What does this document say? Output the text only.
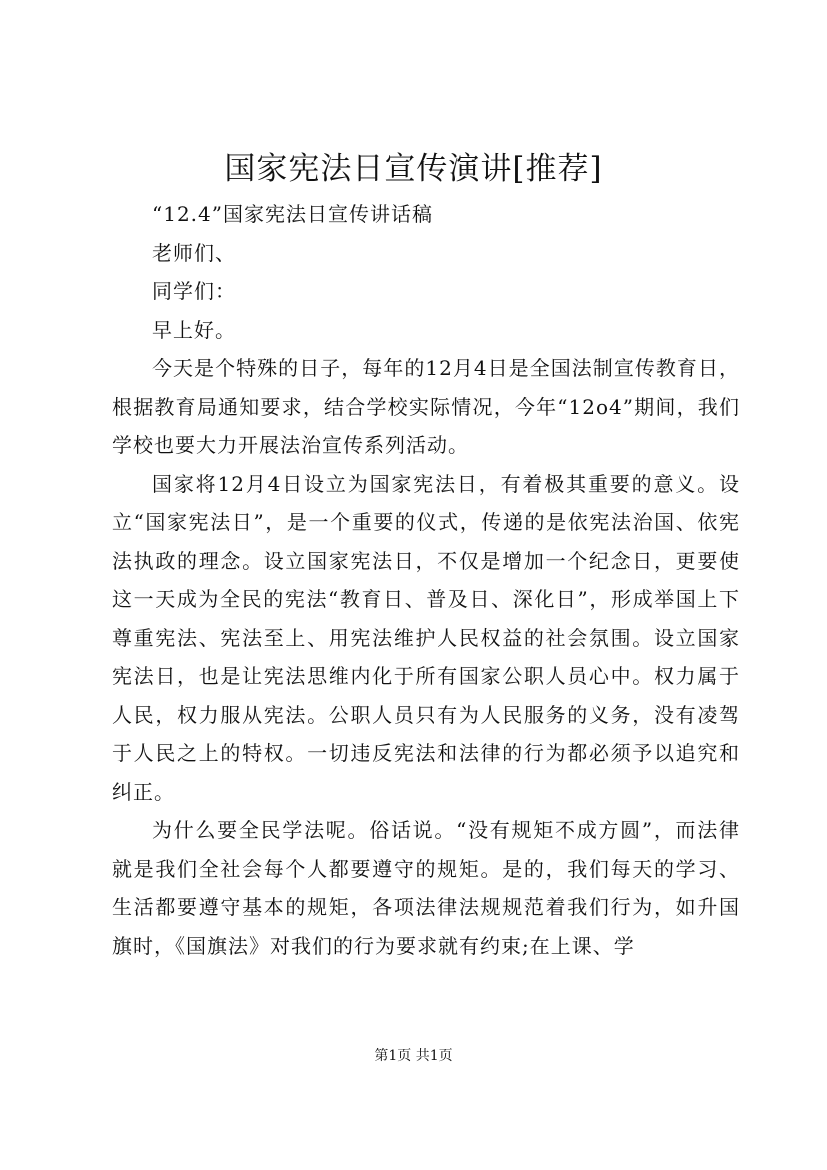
国家宪法日宣传演讲[推荐]

“12.4”国家宪法日宣传讲话稿

老师们、

同学们：

早上好。

今天是个特殊的日子，每年的12月4日是全国法制宣传教育日，根据教育局通知要求，结合学校实际情况，今年“12o4”期间，我们学校也要大力开展法治宣传系列活动。

国家将12月4日设立为国家宪法日，有着极其重要的意义。设立“国家宪法日”，是一个重要的仪式，传递的是依宪法治国、依宪法执政的理念。设立国家宪法日，不仅是增加一个纪念日，更要使这一天成为全民的宪法“教育日、普及日、深化日”，形成举国上下尊重宪法、宪法至上、用宪法维护人民权益的社会氛围。设立国家宪法日，也是让宪法思维内化于所有国家公职人员心中。权力属于人民，权力服从宪法。公职人员只有为人民服务的义务，没有凌驾于人民之上的特权。一切违反宪法和法律的行为都必须予以追究和纠正。

为什么要全民学法呢。俗话说。“没有规矩不成方圆”，而法律就是我们全社会每个人都要遵守的规矩。是的，我们每天的学习、生活都要遵守基本的规矩，各项法律法规规范着我们行为，如升国旗时，《国旗法》对我们的行为要求就有约束;在上课、学

第1页 共1页
